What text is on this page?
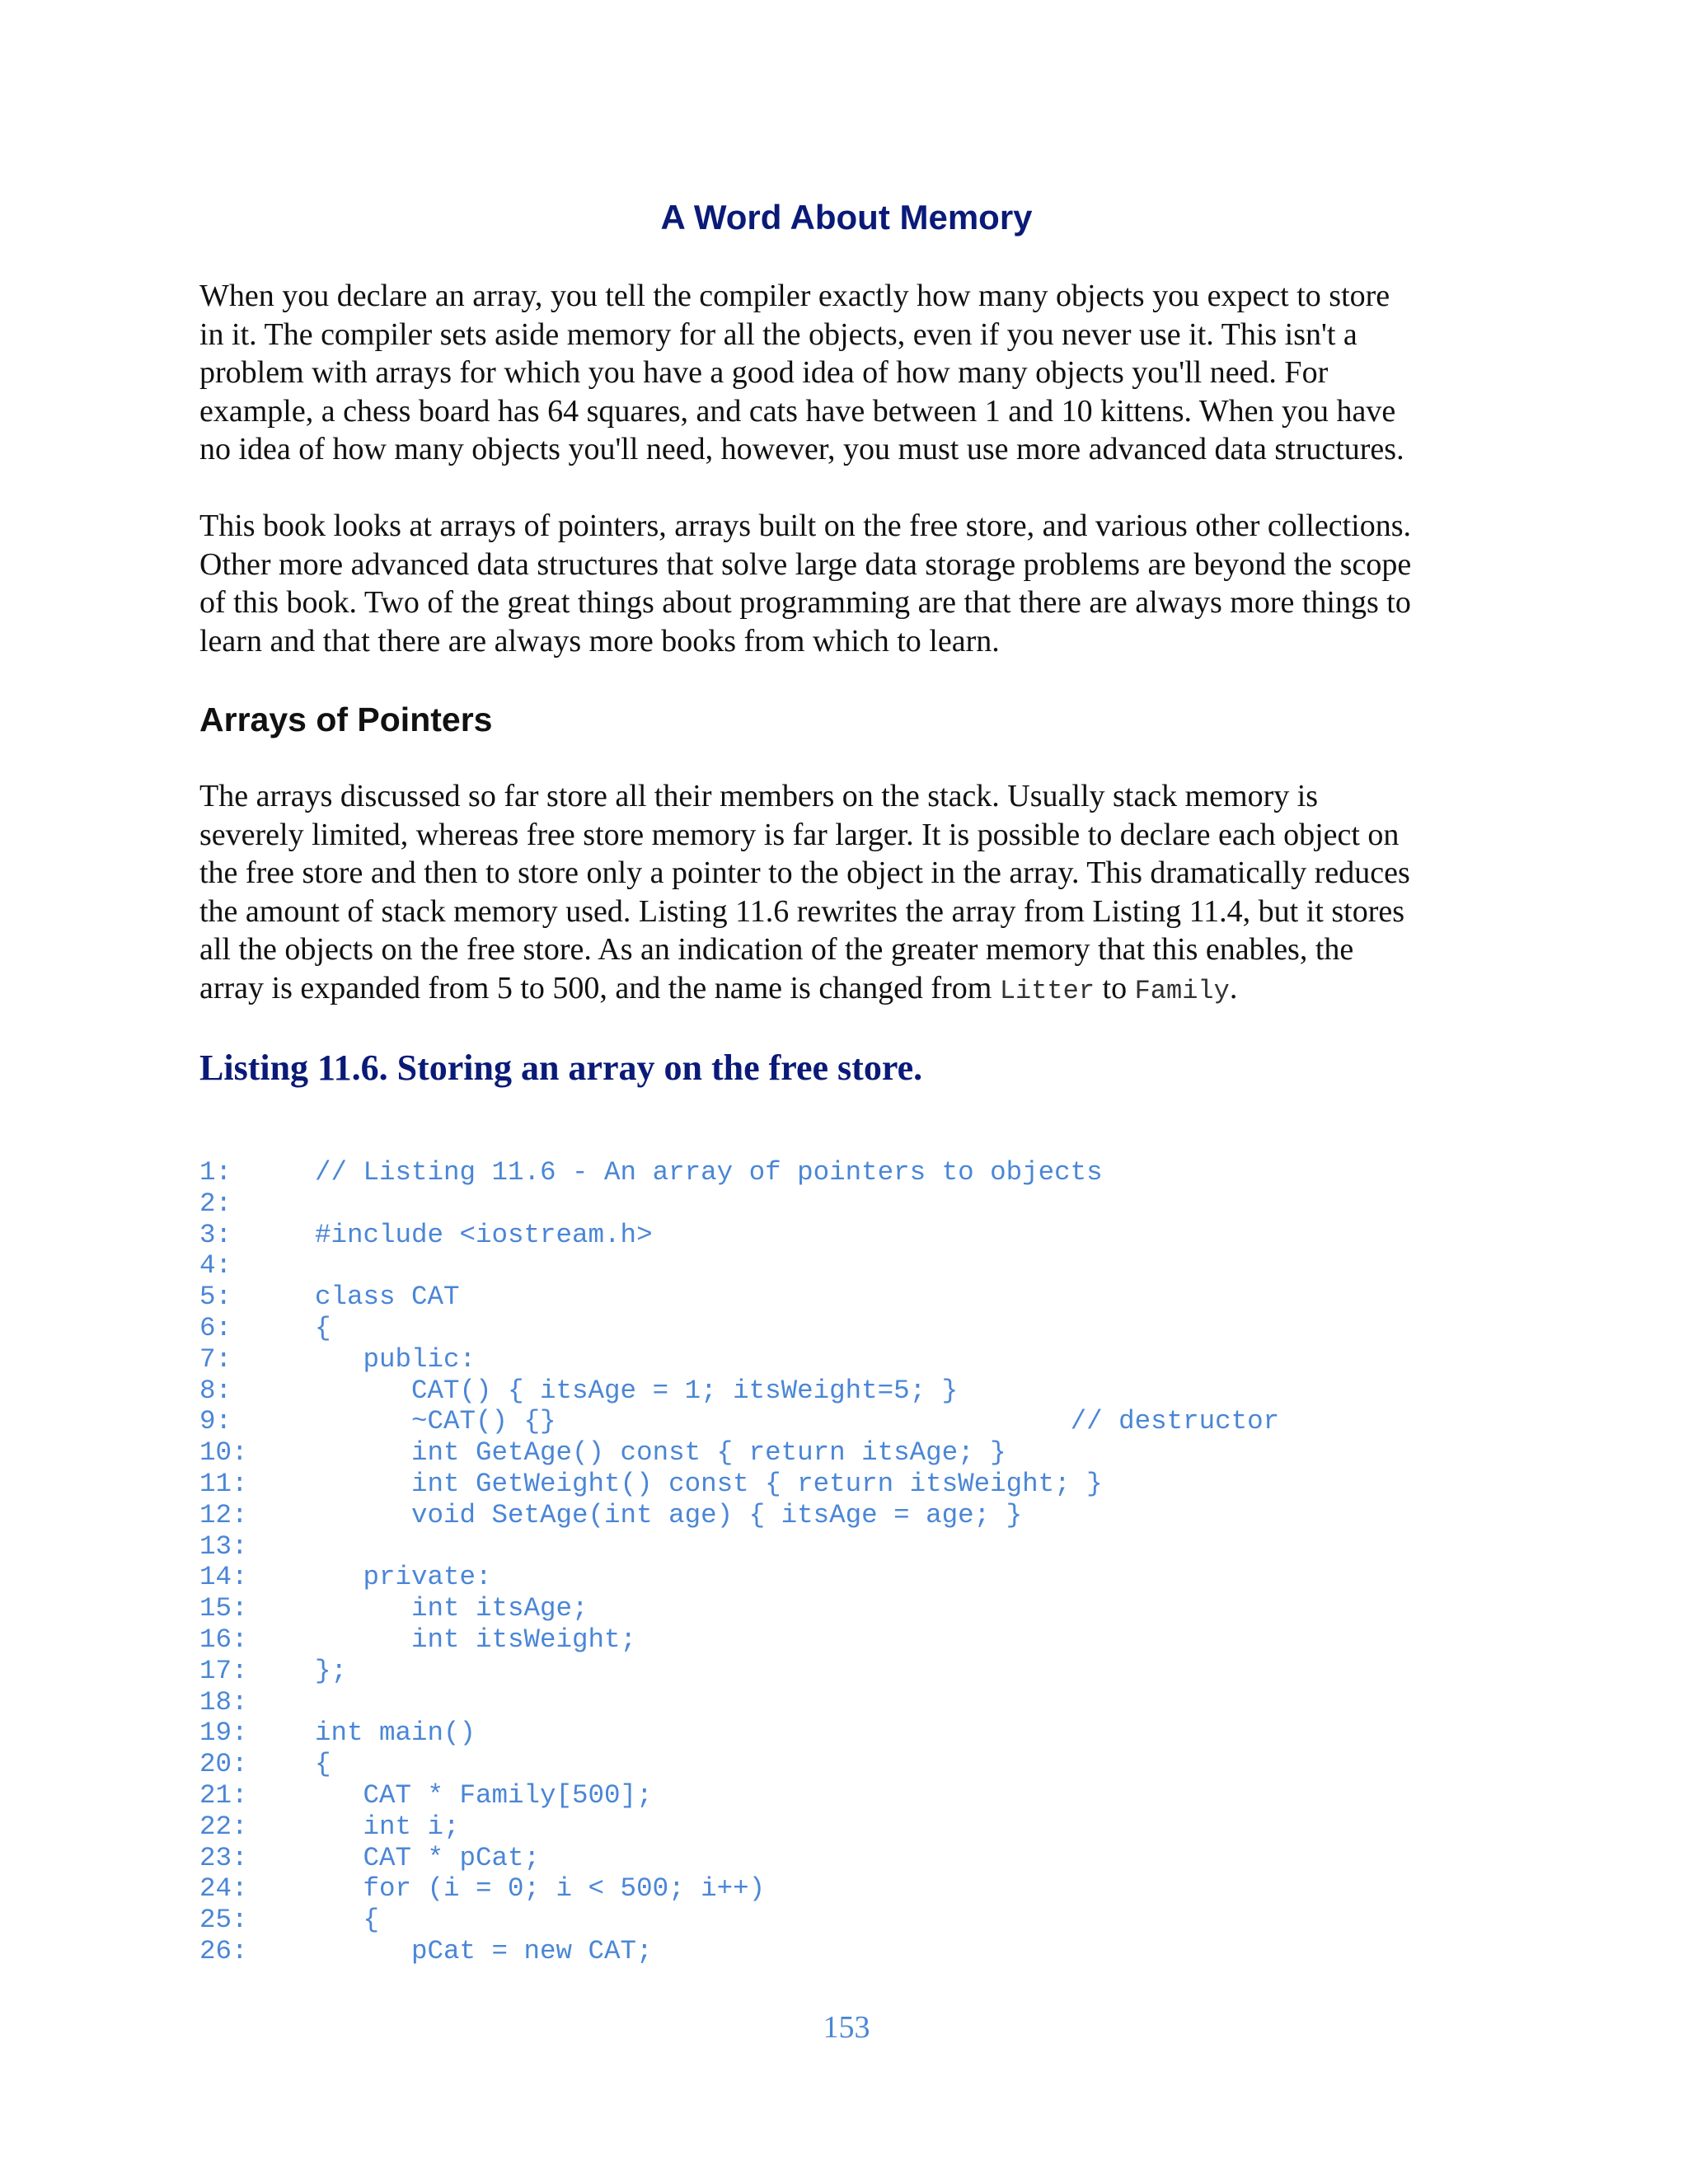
A Word About Memory

When you declare an array, you tell the compiler exactly how many objects you expect to store
in it. The compiler sets aside memory for all the objects, even if you never use it. This isn't a
problem with arrays for which you have a good idea of how many objects you'll need. For
example, a chess board has 64 squares, and cats have between 1 and 10 kittens. When you have
no idea of how many objects you'll need, however, you must use more advanced data structures.

This book looks at arrays of pointers, arrays built on the free store, and various other collections.
Other more advanced data structures that solve large data storage problems are beyond the scope
of this book. Two of the great things about programming are that there are always more things to
learn and that there are always more books from which to learn.

Arrays of Pointers

The arrays discussed so far store all their members on the stack. Usually stack memory is
severely limited, whereas free store memory is far larger. It is possible to declare each object on
the free store and then to store only a pointer to the object in the array. This dramatically reduces
the amount of stack memory used. Listing 11.6 rewrites the array from Listing 11.4, but it stores
all the objects on the free store. As an indication of the greater memory that this enables, the
array is expanded from 5 to 500, and the name is changed from Litter to Family.

Listing 11.6. Storing an array on the free store.
1:	// Listing 11.6 - An array of pointers to objects
2:
3:	#include <iostream.h>
4:
5:	class CAT
6:	{
7:	public:
8:	CAT() { itsAge = 1; itsWeight=5; }
9:	~CAT() {}                                // destructor
10:	int GetAge() const { return itsAge; }
11:	int GetWeight() const { return itsWeight; }
12:	void SetAge(int age) { itsAge = age; }
13:
14:	private:
15:	int itsAge;
16:	int itsWeight;
17:	};
18:
19:	int main()
20:	{
21:	CAT * Family[500];
22:	int i;
23:	CAT * pCat;
24:	for (i = 0; i < 500; i++)
25:	{
26:	pCat = new CAT;

153
